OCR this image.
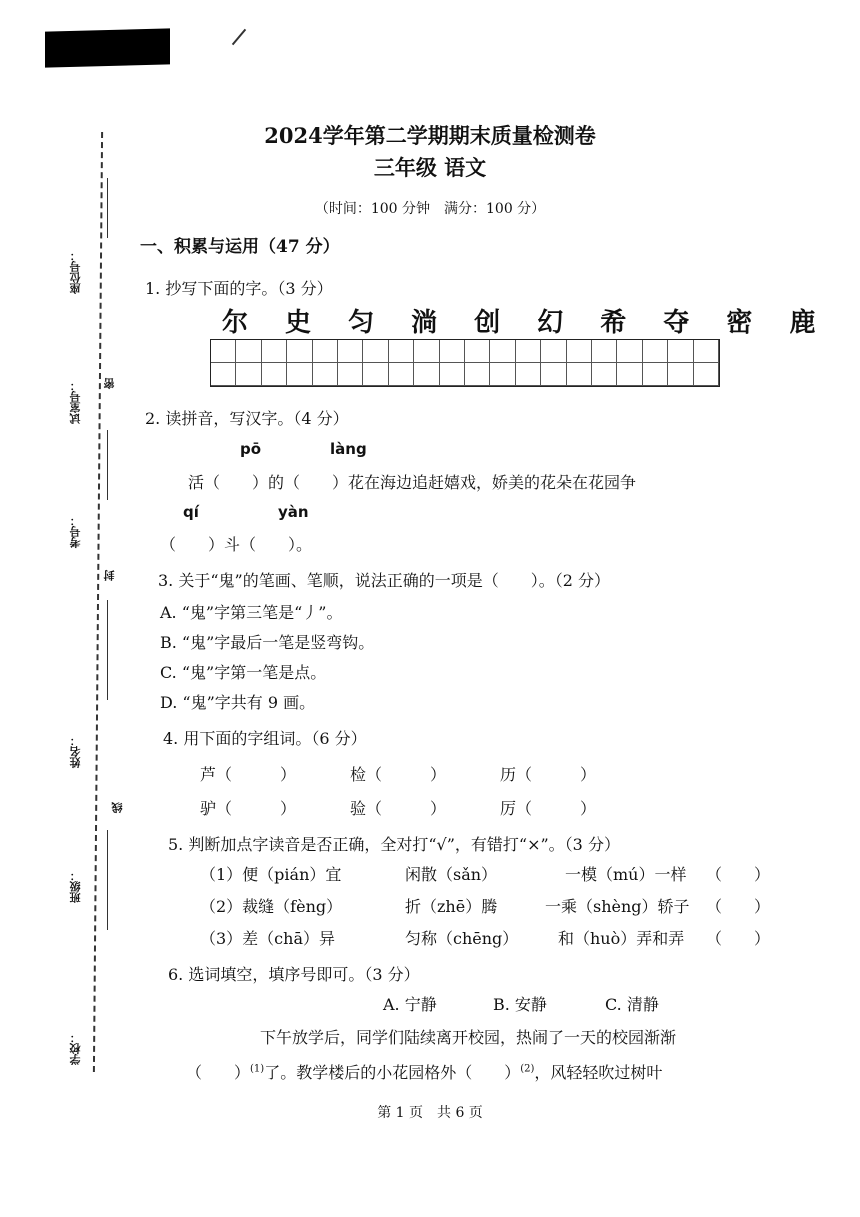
座位号：
试室号： 密
考号：
封
姓名：
线
班级：
学校：
2024学年第二学期期末质量检测卷
三年级 语文
（时间：100 分钟　满分：100 分）
一、积累与运用（47 分）
1. 抄写下面的字。（3 分）
尔 史 匀 淌 创 幻 希 夺 密 鹿
2. 读拼音，写汉字。（4 分）
pō	làng
活（　　）的（　　）花在海边追赶嬉戏，娇美的花朵在花园争
qí	yàn
（　　）斗（　　）。
3. 关于“鬼”的笔画、笔顺，说法正确的一项是（　　）。（2 分）
A. “鬼”字第三笔是“丿”。
B. “鬼”字最后一笔是竖弯钩。
C. “鬼”字第一笔是点。
D. “鬼”字共有 9 画。
4. 用下面的字组词。（6 分）
芦（　　　）	检（　　　）	历（　　　）
驴（　　　）	验（　　　）	厉（　　　）
5. 判断加点字读音是否正确，全对打“√”，有错打“×”。（3 分）
（1）便（pián）宜	闲散（sǎn）	一模（mú）一样 （　　）
（2）裁缝（fèng）	折（zhē）腾	一乘（shèng）轿子 （　　）
（3）差（chā）异	匀称（chēng） 和（huò）弄和弄 （　　）
6. 选词填空，填序号即可。（3 分）
A. 宁静	B. 安静	C. 清静
下午放学后，同学们陆续离开校园，热闹了一天的校园渐渐
（　　）$^{(1)}$了。教学楼后的小花园格外（　　）$^{(2)}$，风轻轻吹过树叶
第 1 页　共 6 页
